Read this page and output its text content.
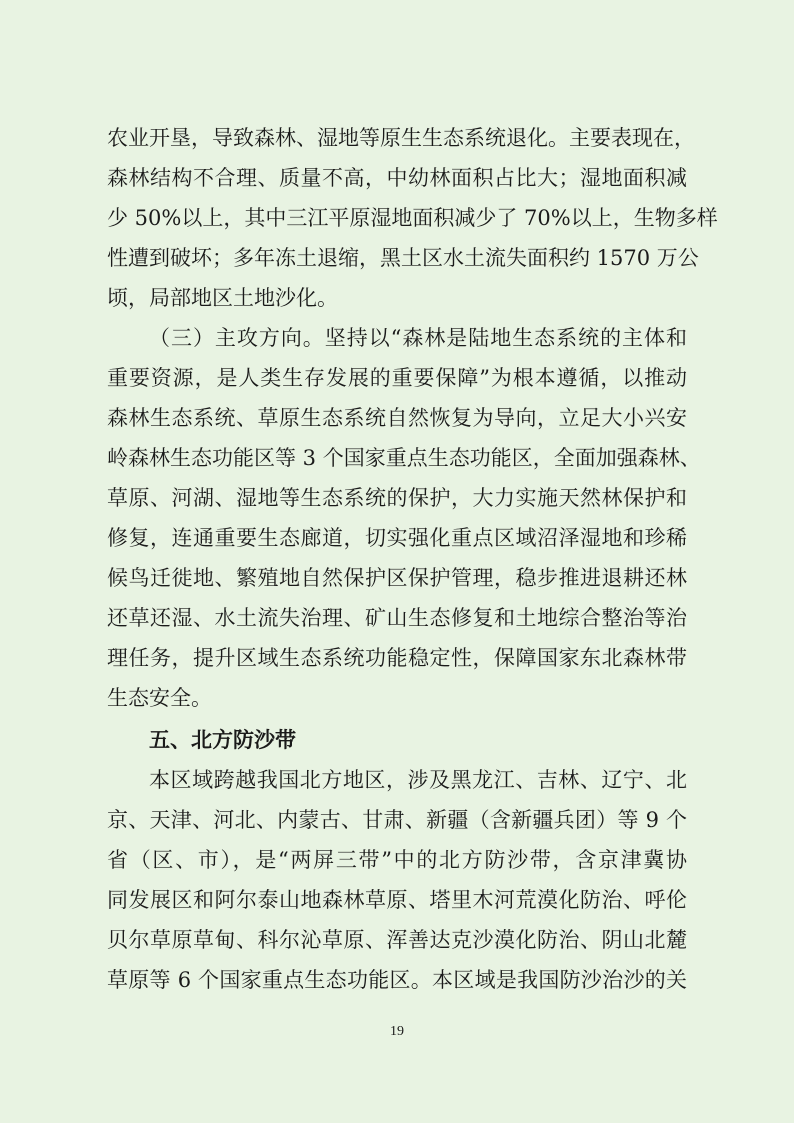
农业开垦，导致森林、湿地等原生生态系统退化。主要表现在，
森林结构不合理、质量不高，中幼林面积占比大；湿地面积减
少 50%以上，其中三江平原湿地面积减少了 70%以上，生物多样
性遭到破坏；多年冻土退缩，黑土区水土流失面积约 1570 万公
顷，局部地区土地沙化。
（三）主攻方向。坚持以“森林是陆地生态系统的主体和
重要资源，是人类生存发展的重要保障”为根本遵循，以推动
森林生态系统、草原生态系统自然恢复为导向，立足大小兴安
岭森林生态功能区等 3 个国家重点生态功能区，全面加强森林、
草原、河湖、湿地等生态系统的保护，大力实施天然林保护和
修复，连通重要生态廊道，切实强化重点区域沼泽湿地和珍稀
候鸟迁徙地、繁殖地自然保护区保护管理，稳步推进退耕还林
还草还湿、水土流失治理、矿山生态修复和土地综合整治等治
理任务，提升区域生态系统功能稳定性，保障国家东北森林带
生态安全。
五、北方防沙带
本区域跨越我国北方地区，涉及黑龙江、吉林、辽宁、北
京、天津、河北、内蒙古、甘肃、新疆（含新疆兵团）等 9 个
省（区、市），是“两屏三带”中的北方防沙带，含京津冀协
同发展区和阿尔泰山地森林草原、塔里木河荒漠化防治、呼伦
贝尔草原草甸、科尔沁草原、浑善达克沙漠化防治、阴山北麓
草原等 6 个国家重点生态功能区。本区域是我国防沙治沙的关
19
